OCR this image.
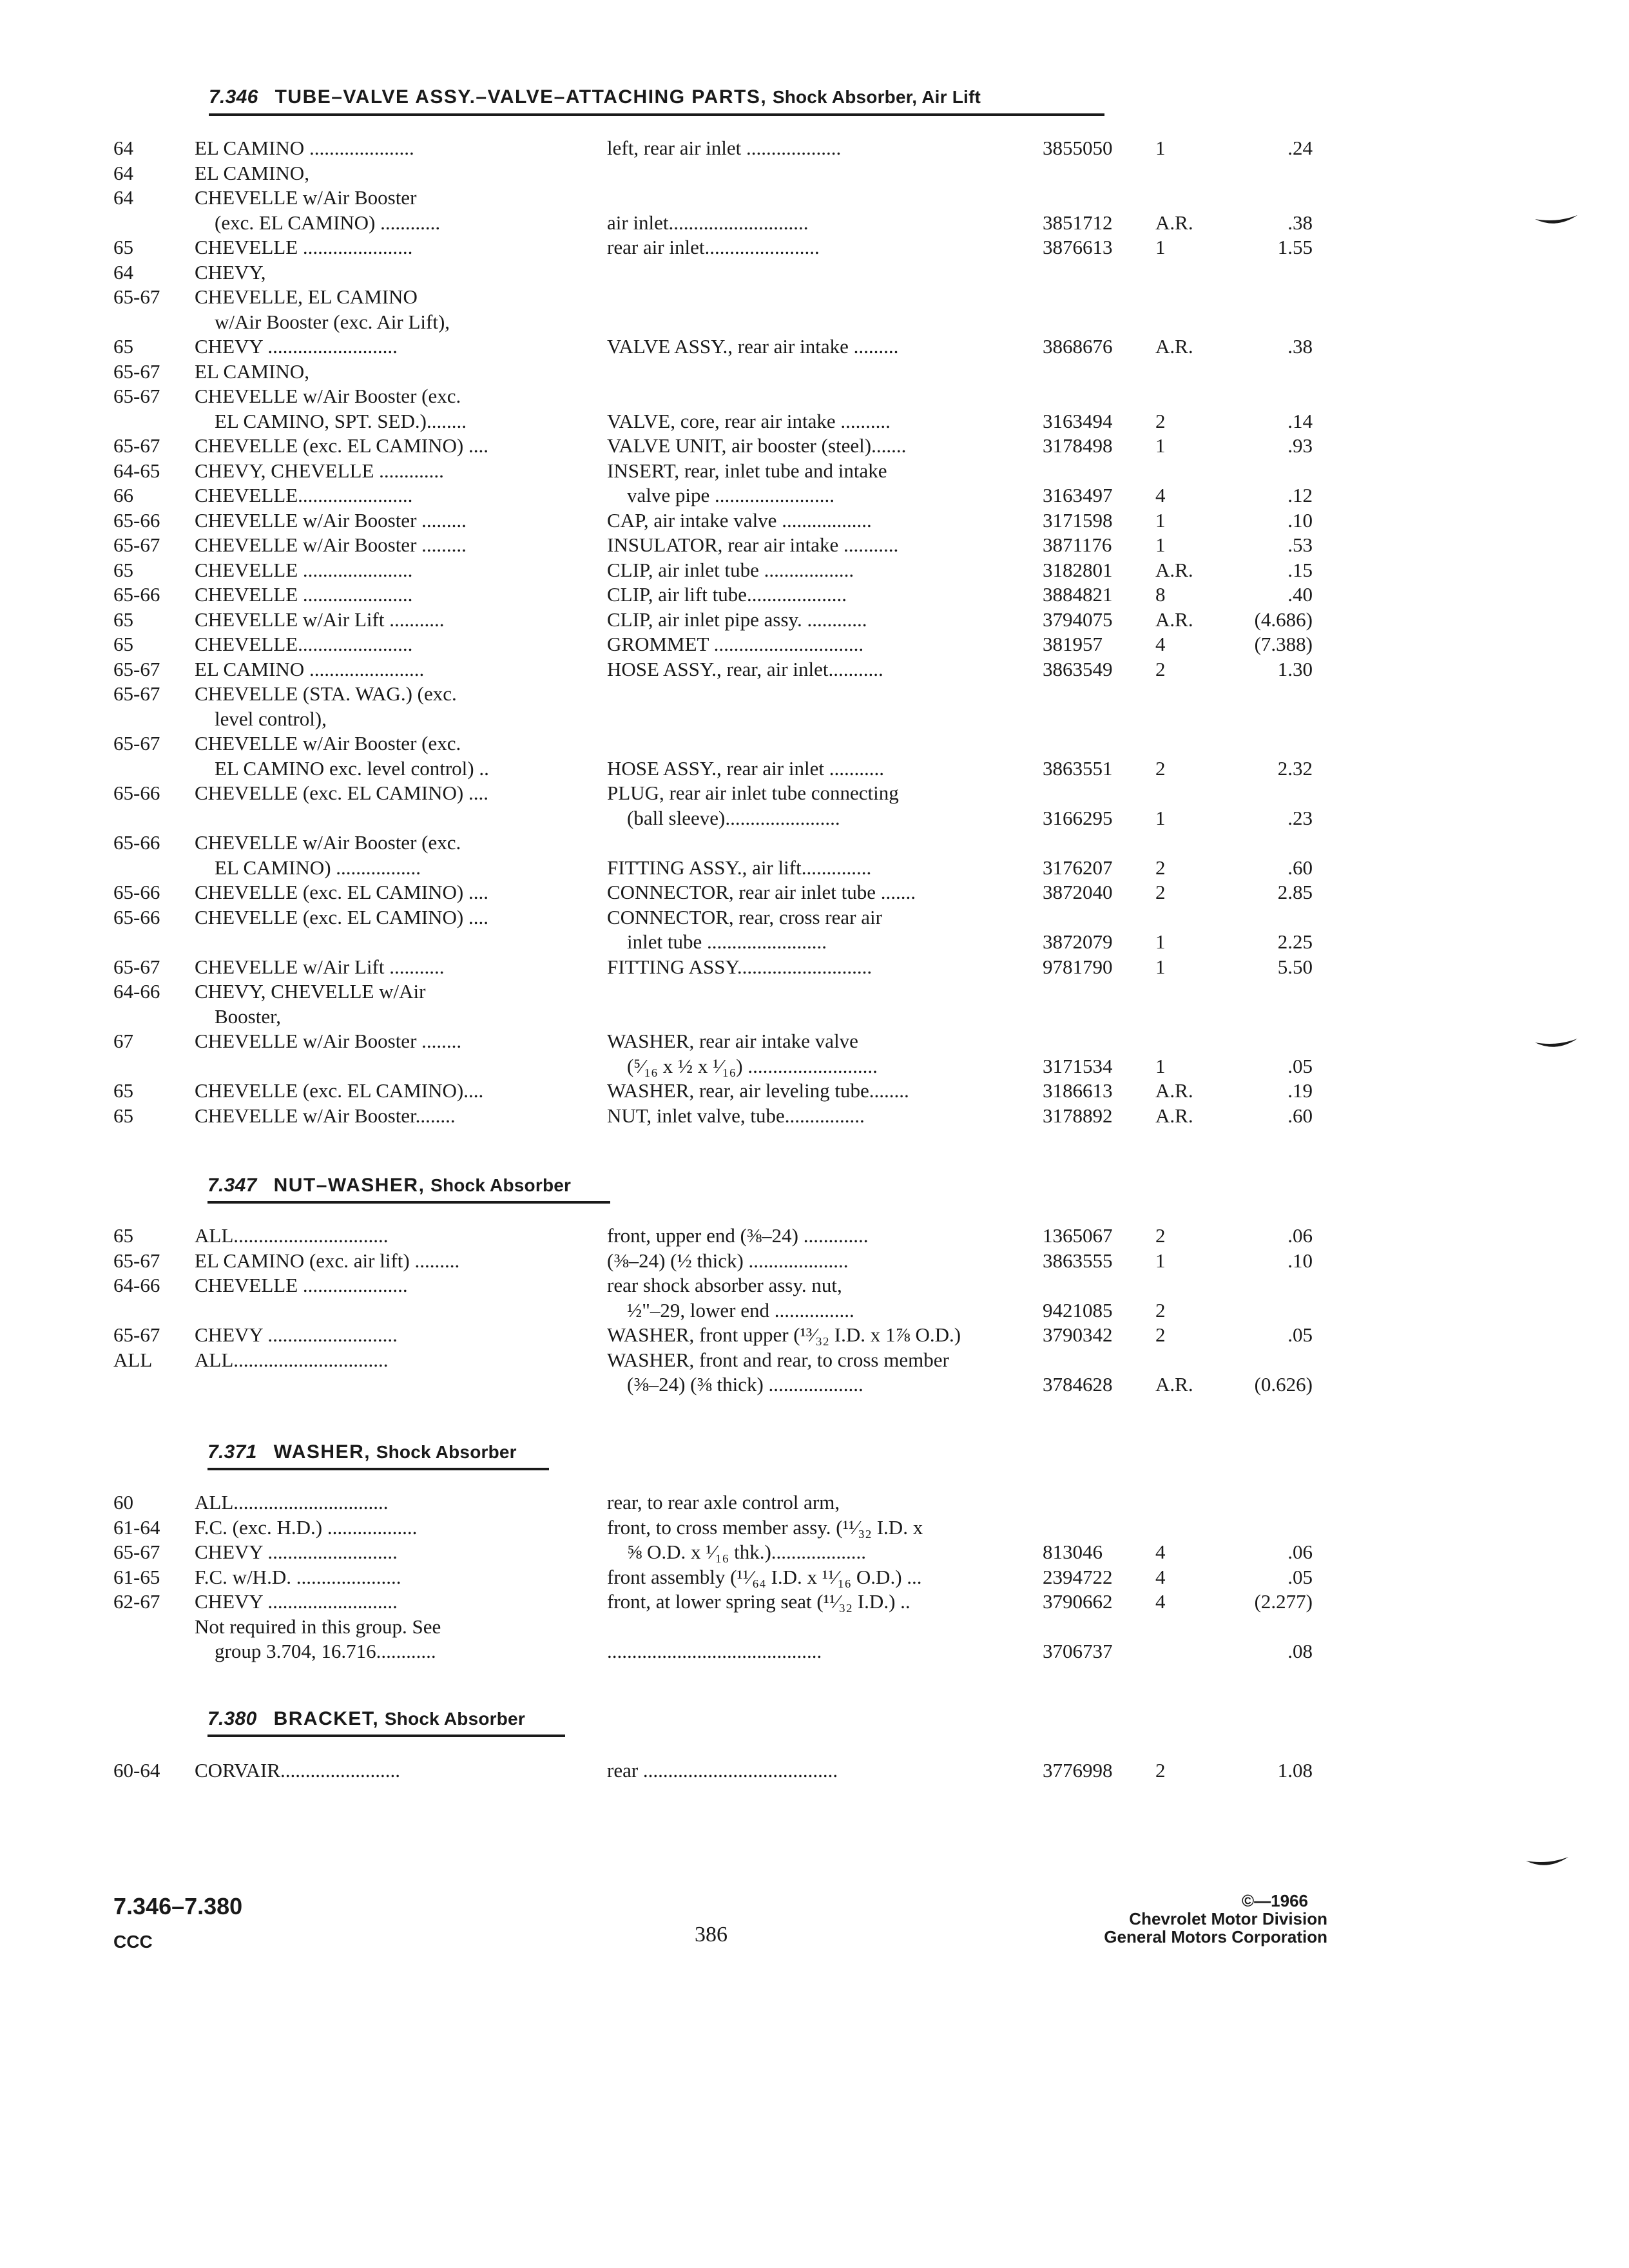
7.346 TUBE–VALVE ASSY.–VALVE–ATTACHING PARTS, Shock Absorber, Air Lift
7.347 NUT–WASHER, Shock Absorber
7.371 WASHER, Shock Absorber
7.380 BRACKET, Shock Absorber
64	EL CAMINO .....................	left, rear air inlet ...................	3855050 1	.24
64	EL CAMINO,
64	CHEVELLE w/Air Booster
(exc. EL CAMINO) ............	air inlet............................	3851712 A.R.	.38
65	CHEVELLE ......................	rear air inlet.......................	3876613 1	1.55
64	CHEVY,
65-67 CHEVELLE, EL CAMINO
w/Air Booster (exc. Air Lift),
65	CHEVY ..........................	VALVE ASSY., rear air intake .........	3868676 A.R.	.38
65-67 EL CAMINO,
65-67 CHEVELLE w/Air Booster (exc.
EL CAMINO, SPT. SED.)........	VALVE, core, rear air intake ..........	3163494 2	.14
65-67 CHEVELLE (exc. EL CAMINO) ....	VALVE UNIT, air booster (steel).......	3178498 1	.93
64-65 CHEVY, CHEVELLE .............	INSERT, rear, inlet tube and intake
66	CHEVELLE.......................	valve pipe ........................	3163497 4	.12
65-66 CHEVELLE w/Air Booster .........	CAP, air intake valve ..................	3171598 1	.10
65-67 CHEVELLE w/Air Booster .........	INSULATOR, rear air intake ...........	3871176 1	.53
65	CHEVELLE ......................	CLIP, air inlet tube ..................	3182801 A.R.	.15
65-66 CHEVELLE ......................	CLIP, air lift tube....................	3884821 8	.40
65	CHEVELLE w/Air Lift ...........	CLIP, air inlet pipe assy. ............	3794075 A.R.	(4.686)
65	CHEVELLE.......................	GROMMET ..............................	381957	4	(7.388)
65-67 EL CAMINO .......................	HOSE ASSY., rear, air inlet...........	3863549 2	1.30
65-67 CHEVELLE (STA. WAG.) (exc.
level control),
65-67 CHEVELLE w/Air Booster (exc.
EL CAMINO exc. level control) ..	HOSE ASSY., rear air inlet ...........	3863551 2	2.32
65-66 CHEVELLE (exc. EL CAMINO) ....	PLUG, rear air inlet tube connecting
(ball sleeve).......................	3166295 1	.23
65-66 CHEVELLE w/Air Booster (exc.
EL CAMINO) .................	FITTING ASSY., air lift..............	3176207 2	.60
65-66 CHEVELLE (exc. EL CAMINO) ....	CONNECTOR, rear air inlet tube .......	3872040 2	2.85
65-66 CHEVELLE (exc. EL CAMINO) ....	CONNECTOR, rear, cross rear air
inlet tube ........................	3872079 1	2.25
65-67 CHEVELLE w/Air Lift ...........	FITTING ASSY...........................	9781790 1	5.50
64-66 CHEVY, CHEVELLE w/Air
Booster,
67	CHEVELLE w/Air Booster ........	WASHER, rear air intake valve
(⁵⁄₁₆ x ½ x ¹⁄₁₆) ..........................	3171534 1	.05
65	CHEVELLE (exc. EL CAMINO)....	WASHER, rear, air leveling tube........	3186613 A.R.	.19
65	CHEVELLE w/Air Booster........	NUT, inlet valve, tube................	3178892 A.R.	.60
65	ALL...............................	front, upper end (⅜–24) .............	1365067 2	.06
65-67 EL CAMINO (exc. air lift) .........	(⅜–24) (½ thick) ....................	3863555 1	.10
64-66 CHEVELLE .....................	rear shock absorber assy. nut,
½"–29, lower end ................	9421085 2
65-67 CHEVY ..........................	WASHER, front upper (¹³⁄₃₂ I.D. x 1⅞ O.D.)	3790342 2	.05
ALL ALL...............................	WASHER, front and rear, to cross member
(⅜–24) (⅜ thick) ...................	3784628 A.R.	(0.626)
60	ALL...............................	rear, to rear axle control arm,
61-64 F.C. (exc. H.D.) ..................	front, to cross member assy. (¹¹⁄₃₂ I.D. x
65-67 CHEVY ..........................	⅝ O.D. x ¹⁄₁₆ thk.)...................	813046	4	.06
61-65 F.C. w/H.D. .....................	front assembly (¹¹⁄₆₄ I.D. x ¹¹⁄₁₆ O.D.) ...	2394722 4	.05
62-67 CHEVY ..........................	front, at lower spring seat (¹¹⁄₃₂ I.D.) ..	3790662 4	(2.277)
Not required in this group. See
group 3.704, 16.716............	...........................................	3706737	.08
60-64 CORVAIR........................	rear .......................................	3776998 2	1.08
7.346–7.380
CCC	386
©—1966
Chevrolet Motor Division
General Motors Corporation
